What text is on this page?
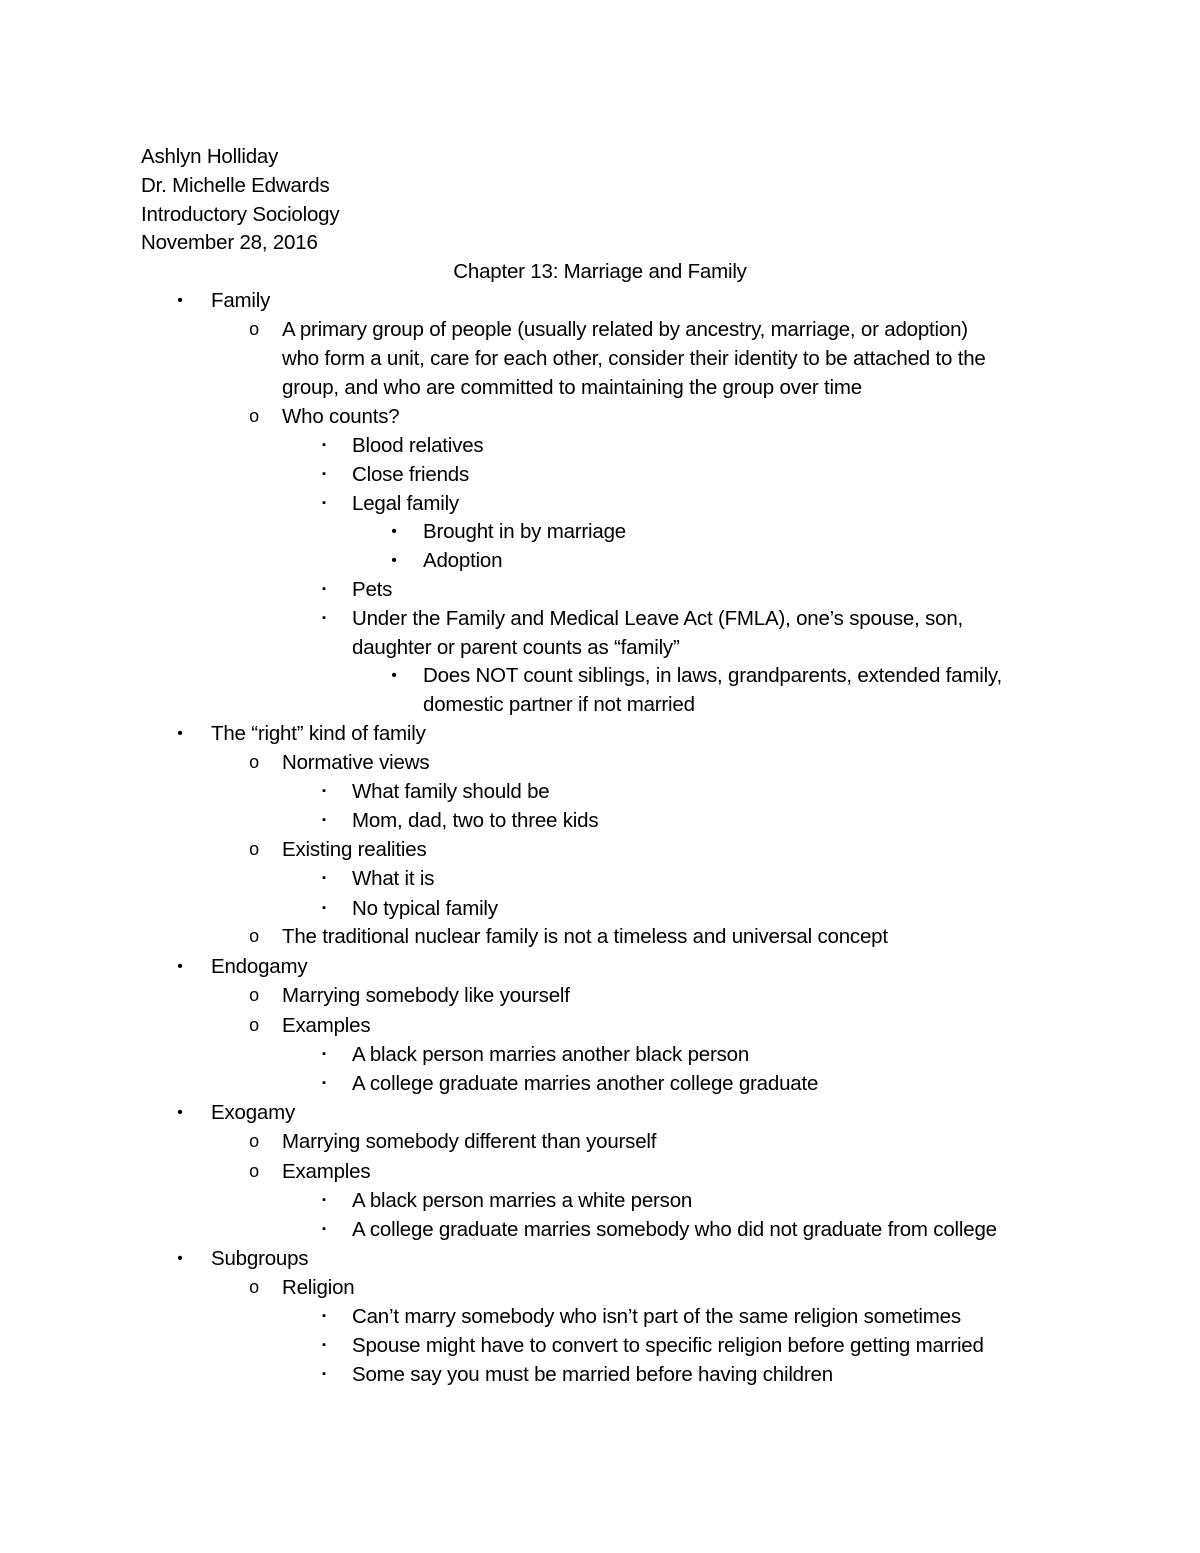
Ashlyn Holliday
Dr. Michelle Edwards
Introductory Sociology
November 28, 2016
Chapter 13: Marriage and Family
•	Family
o A primary group of people (usually related by ancestry, marriage, or adoption)
who form a unit, care for each other, consider their identity to be attached to the
group, and who are committed to maintaining the group over time
o Who counts?
▪	Blood relatives
▪	Close friends
▪	Legal family
•	Brought in by marriage
•	Adoption
▪	Pets
▪	Under the Family and Medical Leave Act (FMLA), one’s spouse, son,
daughter or parent counts as “family”
•	Does NOT count siblings, in laws, grandparents, extended family,
domestic partner if not married
•	The “right” kind of family
o Normative views
▪	What family should be
▪	Mom, dad, two to three kids
o Existing realities
▪	What it is
▪	No typical family
o The traditional nuclear family is not a timeless and universal concept
•	Endogamy
o Marrying somebody like yourself
o Examples
▪	A black person marries another black person
▪	A college graduate marries another college graduate
•	Exogamy
o Marrying somebody different than yourself
o Examples
▪	A black person marries a white person
▪	A college graduate marries somebody who did not graduate from college
•	Subgroups
o Religion
▪	Can’t marry somebody who isn’t part of the same religion sometimes
▪	Spouse might have to convert to specific religion before getting married
▪	Some say you must be married before having children
